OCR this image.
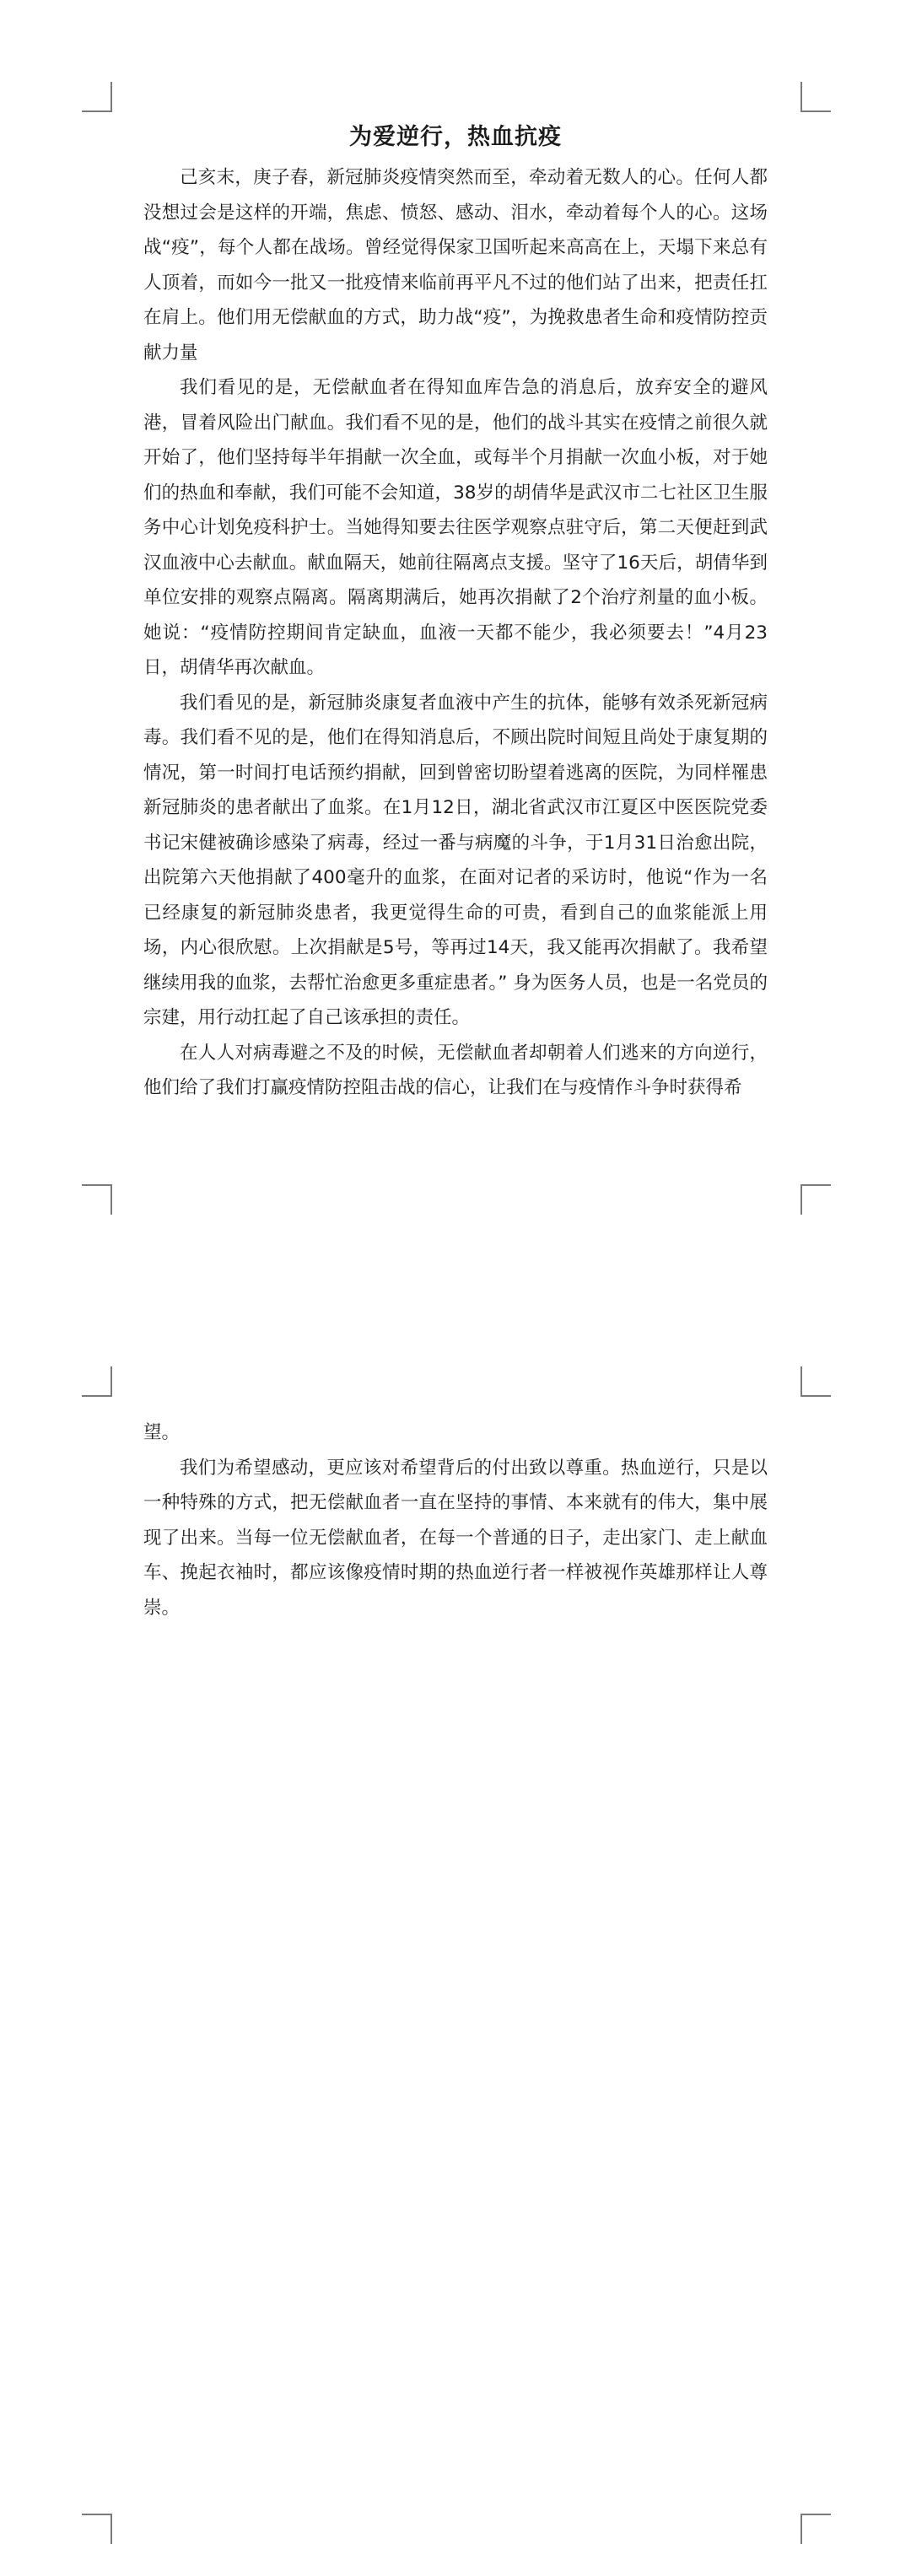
为爱逆行，热血抗疫

己亥末，庚子春，新冠肺炎疫情突然而至，牵动着无数人的心。任何人都没想过会是这样的开端，焦虑、愤怒、感动、泪水，牵动着每个人的心。这场战“疫”，每个人都在战场。曾经觉得保家卫国听起来高高在上，天塌下来总有人顶着，而如今一批又一批疫情来临前再平凡不过的他们站了出来，把责任扛在肩上。他们用无偿献血的方式，助力战“疫”，为挽救患者生命和疫情防控贡献力量

我们看见的是，无偿献血者在得知血库告急的消息后，放弃安全的避风港，冒着风险出门献血。我们看不见的是，他们的战斗其实在疫情之前很久就开始了，他们坚持每半年捐献一次全血，或每半个月捐献一次血小板，对于她们的热血和奉献，我们可能不会知道，38岁的胡倩华是武汉市二七社区卫生服务中心计划免疫科护士。当她得知要去往医学观察点驻守后，第二天便赶到武汉血液中心去献血。献血隔天，她前往隔离点支援。坚守了16天后，胡倩华到单位安排的观察点隔离。隔离期满后，她再次捐献了2个治疗剂量的血小板。她说：“疫情防控期间肯定缺血，血液一天都不能少，我必须要去！”4月23日，胡倩华再次献血。

我们看见的是，新冠肺炎康复者血液中产生的抗体，能够有效杀死新冠病毒。我们看不见的是，他们在得知消息后，不顾出院时间短且尚处于康复期的情况，第一时间打电话预约捐献，回到曾密切盼望着逃离的医院，为同样罹患新冠肺炎的患者献出了血浆。在1月12日，湖北省武汉市江夏区中医医院党委书记宋健被确诊感染了病毒，经过一番与病魔的斗争，于1月31日治愈出院，出院第六天他捐献了400毫升的血浆，在面对记者的采访时，他说“作为一名已经康复的新冠肺炎患者，我更觉得生命的可贵，看到自己的血浆能派上用场，内心很欣慰。上次捐献是5号，等再过14天，我又能再次捐献了。我希望继续用我的血浆，去帮忙治愈更多重症患者。” 身为医务人员，也是一名党员的宗建，用行动扛起了自己该承担的责任。

在人人对病毒避之不及的时候，无偿献血者却朝着人们逃来的方向逆行，他们给了我们打赢疫情防控阻击战的信心，让我们在与疫情作斗争时获得希

望。

我们为希望感动，更应该对希望背后的付出致以尊重。热血逆行，只是以一种特殊的方式，把无偿献血者一直在坚持的事情、本来就有的伟大，集中展现了出来。当每一位无偿献血者，在每一个普通的日子，走出家门、走上献血车、挽起衣袖时，都应该像疫情时期的热血逆行者一样被视作英雄那样让人尊崇。
